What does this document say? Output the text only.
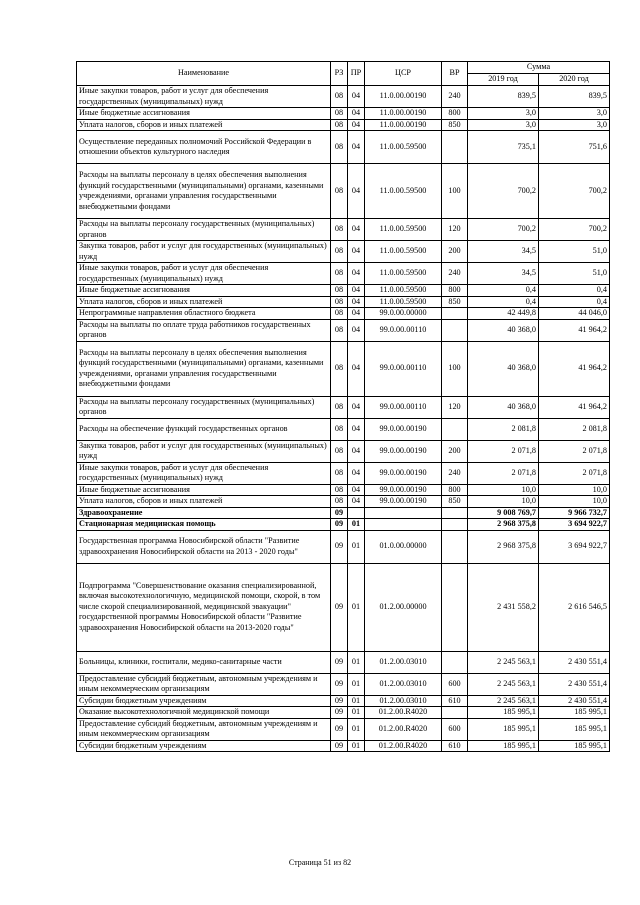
Наименование	РЗ	ПР	ЦСР	ВР	Сумма	
					2019 год	2020 год
Иные закупки товаров, работ и услуг для обеспечения государственных (муниципальных) нужд	08	04	11.0.00.00190	240	839,5	839,5
Иные бюджетные ассигнования	08	04	11.0.00.00190	800	3,0	3,0
Уплата налогов, сборов и иных платежей	08	04	11.0.00.00190	850	3,0	3,0
Осуществление переданных полномочий Российской Федерации в отношении объектов культурного наследия	08	04	11.0.00.59500		735,1	751,6
Расходы на выплаты персоналу в целях обеспечения выполнения функций государственными (муниципальными) органами, казенными учреждениями, органами управления государственными внебюджетными фондами	08	04	11.0.00.59500	100	700,2	700,2
Расходы на выплаты персоналу государственных (муниципальных) органов	08	04	11.0.00.59500	120	700,2	700,2
Закупка товаров, работ и услуг для государственных (муниципальных) нужд	08	04	11.0.00.59500	200	34,5	51,0
Иные закупки товаров, работ и услуг для обеспечения государственных (муниципальных) нужд	08	04	11.0.00.59500	240	34,5	51,0
Иные бюджетные ассигнования	08	04	11.0.00.59500	800	0,4	0,4
Уплата налогов, сборов и иных платежей	08	04	11.0.00.59500	850	0,4	0,4
Непрограммные направления областного бюджета	08	04	99.0.00.00000		42 449,8	44 046,0
Расходы на выплаты по оплате труда работников государственных органов	08	04	99.0.00.00110		40 368,0	41 964,2
Расходы на выплаты персоналу в целях обеспечения выполнения функций государственными (муниципальными) органами, казенными учреждениями, органами управления государственными внебюджетными фондами	08	04	99.0.00.00110	100	40 368,0	41 964,2
Расходы на выплаты персоналу государственных (муниципальных) органов	08	04	99.0.00.00110	120	40 368,0	41 964,2
Расходы на обеспечение функций государственных органов	08	04	99.0.00.00190		2 081,8	2 081,8
Закупка товаров, работ и услуг для государственных (муниципальных) нужд	08	04	99.0.00.00190	200	2 071,8	2 071,8
Иные закупки товаров, работ и услуг для обеспечения государственных (муниципальных) нужд	08	04	99.0.00.00190	240	2 071,8	2 071,8
Иные бюджетные ассигнования	08	04	99.0.00.00190	800	10,0	10,0
Уплата налогов, сборов и иных платежей	08	04	99.0.00.00190	850	10,0	10,0
Здравоохранение	09				9 008 769,7	9 966 732,7
Стационарная медицинская помощь	09	01			2 968 375,8	3 694 922,7
Государственная программа Новосибирской области "Развитие здравоохранения Новосибирской области на 2013 - 2020 годы"	09	01	01.0.00.00000		2 968 375,8	3 694 922,7
Подпрограмма "Совершенствование оказания специализированной, включая высокотехнологичную, медицинской помощи, скорой, в том числе скорой специализированной, медицинской эвакуации" государственной программы Новосибирской области "Развитие здравоохранения Новосибирской области на 2013-2020 годы"	09	01	01.2.00.00000		2 431 558,2	2 616 546,5
Больницы, клиники, госпитали, медико-санитарные части	09	01	01.2.00.03010		2 245 563,1	2 430 551,4
Предоставление субсидий бюджетным, автономным учреждениям и иным некоммерческим организациям	09	01	01.2.00.03010	600	2 245 563,1	2 430 551,4
Субсидии бюджетным учреждениям	09	01	01.2.00.03010	610	2 245 563,1	2 430 551,4
Оказание высокотехнологичной медицинской помощи	09	01	01.2.00.R4020		185 995,1	185 995,1
Предоставление субсидий бюджетным, автономным учреждениям и иным некоммерческим организациям	09	01	01.2.00.R4020	600	185 995,1	185 995,1
Субсидии бюджетным учреждениям	09	01	01.2.00.R4020	610	185 995,1	185 995,1
Страница 51 из 82
